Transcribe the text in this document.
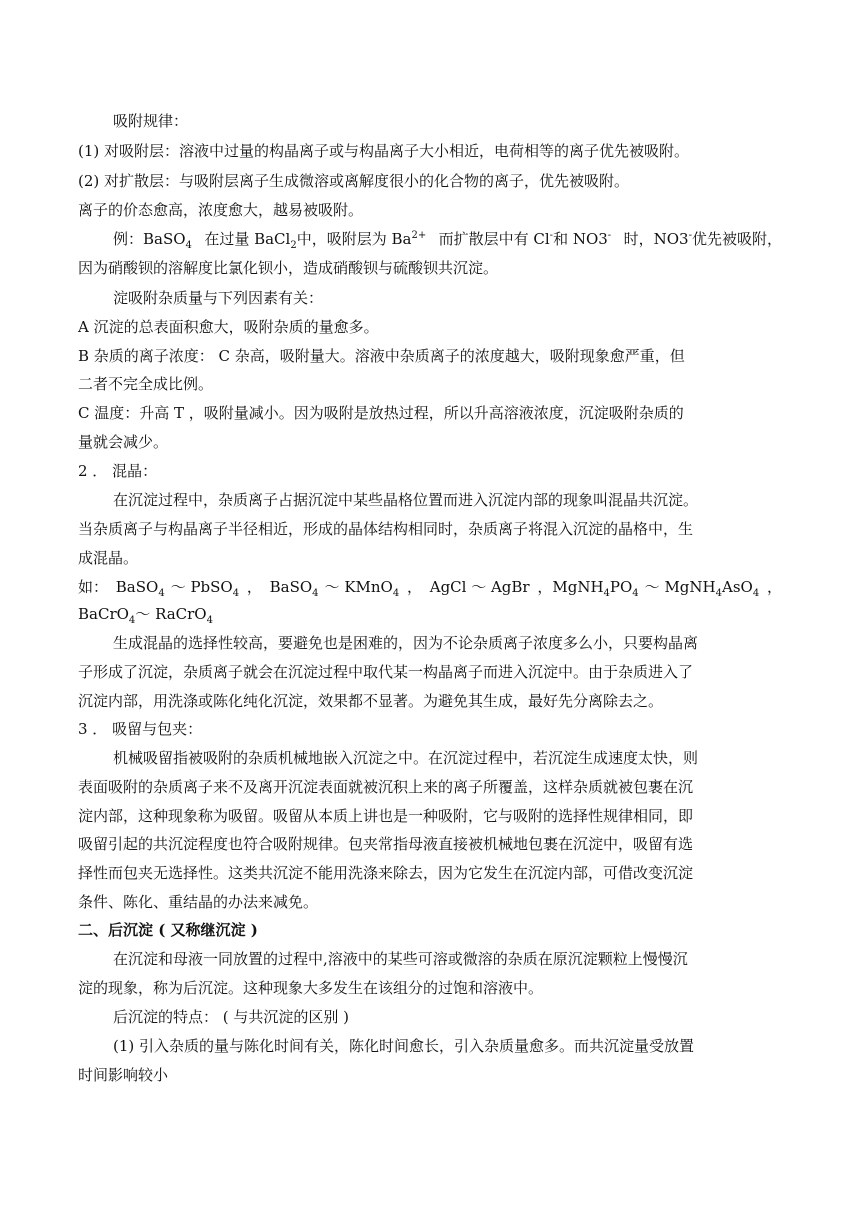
吸附规律：
(1) 对吸附层：溶液中过量的构晶离子或与构晶离子大小相近，电荷相等的离子优先被吸附。
(2) 对扩散层：与吸附层离子生成微溶或离解度很小的化合物的离子，优先被吸附。
离子的价态愈高，浓度愈大，越易被吸附。
例：BaSO$_4$ 在过量 BaCl$_2$中，吸附层为 $Ba^{2+}$ 而扩散层中有 Cl-和 NO3- 时，NO3-优先被吸附，
因为硝酸钡的溶解度比氯化钡小，造成硝酸钡与硫酸钡共沉淀。
淀吸附杂质量与下列因素有关：
A 沉淀的总表面积愈大，吸附杂质的量愈多。
B 杂质的离子浓度： C 杂高，吸附量大。溶液中杂质离子的浓度越大，吸附现象愈严重，但
二者不完全成比例。
C 温度：升高 T ，吸附量减小。因为吸附是放热过程，所以升高溶液浓度，沉淀吸附杂质的
量就会减少。
2 ． 混晶：
在沉淀过程中，杂质离子占据沉淀中某些晶格位置而进入沉淀内部的现象叫混晶共沉淀。
当杂质离子与构晶离子半径相近，形成的晶体结构相同时，杂质离子将混入沉淀的晶格中，生
成混晶。
如： BaSO$_4$ ～ PbSO$_4$ ， BaSO$_4$ ～ KMnO$_4$ ， AgCl ～ AgBr ，$MgNH_4PO_4$ ～ MgNH$_4$AsO$_4$ ，
BaCrO$_4$～ RaCrO$_4$
生成混晶的选择性较高，要避免也是困难的，因为不论杂质离子浓度多么小，只要构晶离
子形成了沉淀，杂质离子就会在沉淀过程中取代某一构晶离子而进入沉淀中。由于杂质进入了
沉淀内部，用洗涤或陈化纯化沉淀，效果都不显著。为避免其生成，最好先分离除去之。
3 ． 吸留与包夹：
机械吸留指被吸附的杂质机械地嵌入沉淀之中。在沉淀过程中，若沉淀生成速度太快，则
表面吸附的杂质离子来不及离开沉淀表面就被沉积上来的离子所覆盖，这样杂质就被包裹在沉
淀内部，这种现象称为吸留。吸留从本质上讲也是一种吸附，它与吸附的选择性规律相同，即
吸留引起的共沉淀程度也符合吸附规律。包夹常指母液直接被机械地包裹在沉淀中，吸留有选
择性而包夹无选择性。这类共沉淀不能用洗涤来除去，因为它发生在沉淀内部，可借改变沉淀
条件、陈化、重结晶的办法来减免。
二、后沉淀 ( 又称继沉淀 )
在沉淀和母液一同放置的过程中,溶液中的某些可溶或微溶的杂质在原沉淀颗粒上慢慢沉
淀的现象，称为后沉淀。这种现象大多发生在该组分的过饱和溶液中。
后沉淀的特点： ( 与共沉淀的区别 )
(1) 引入杂质的量与陈化时间有关，陈化时间愈长，引入杂质量愈多。而共沉淀量受放置
时间影响较小
